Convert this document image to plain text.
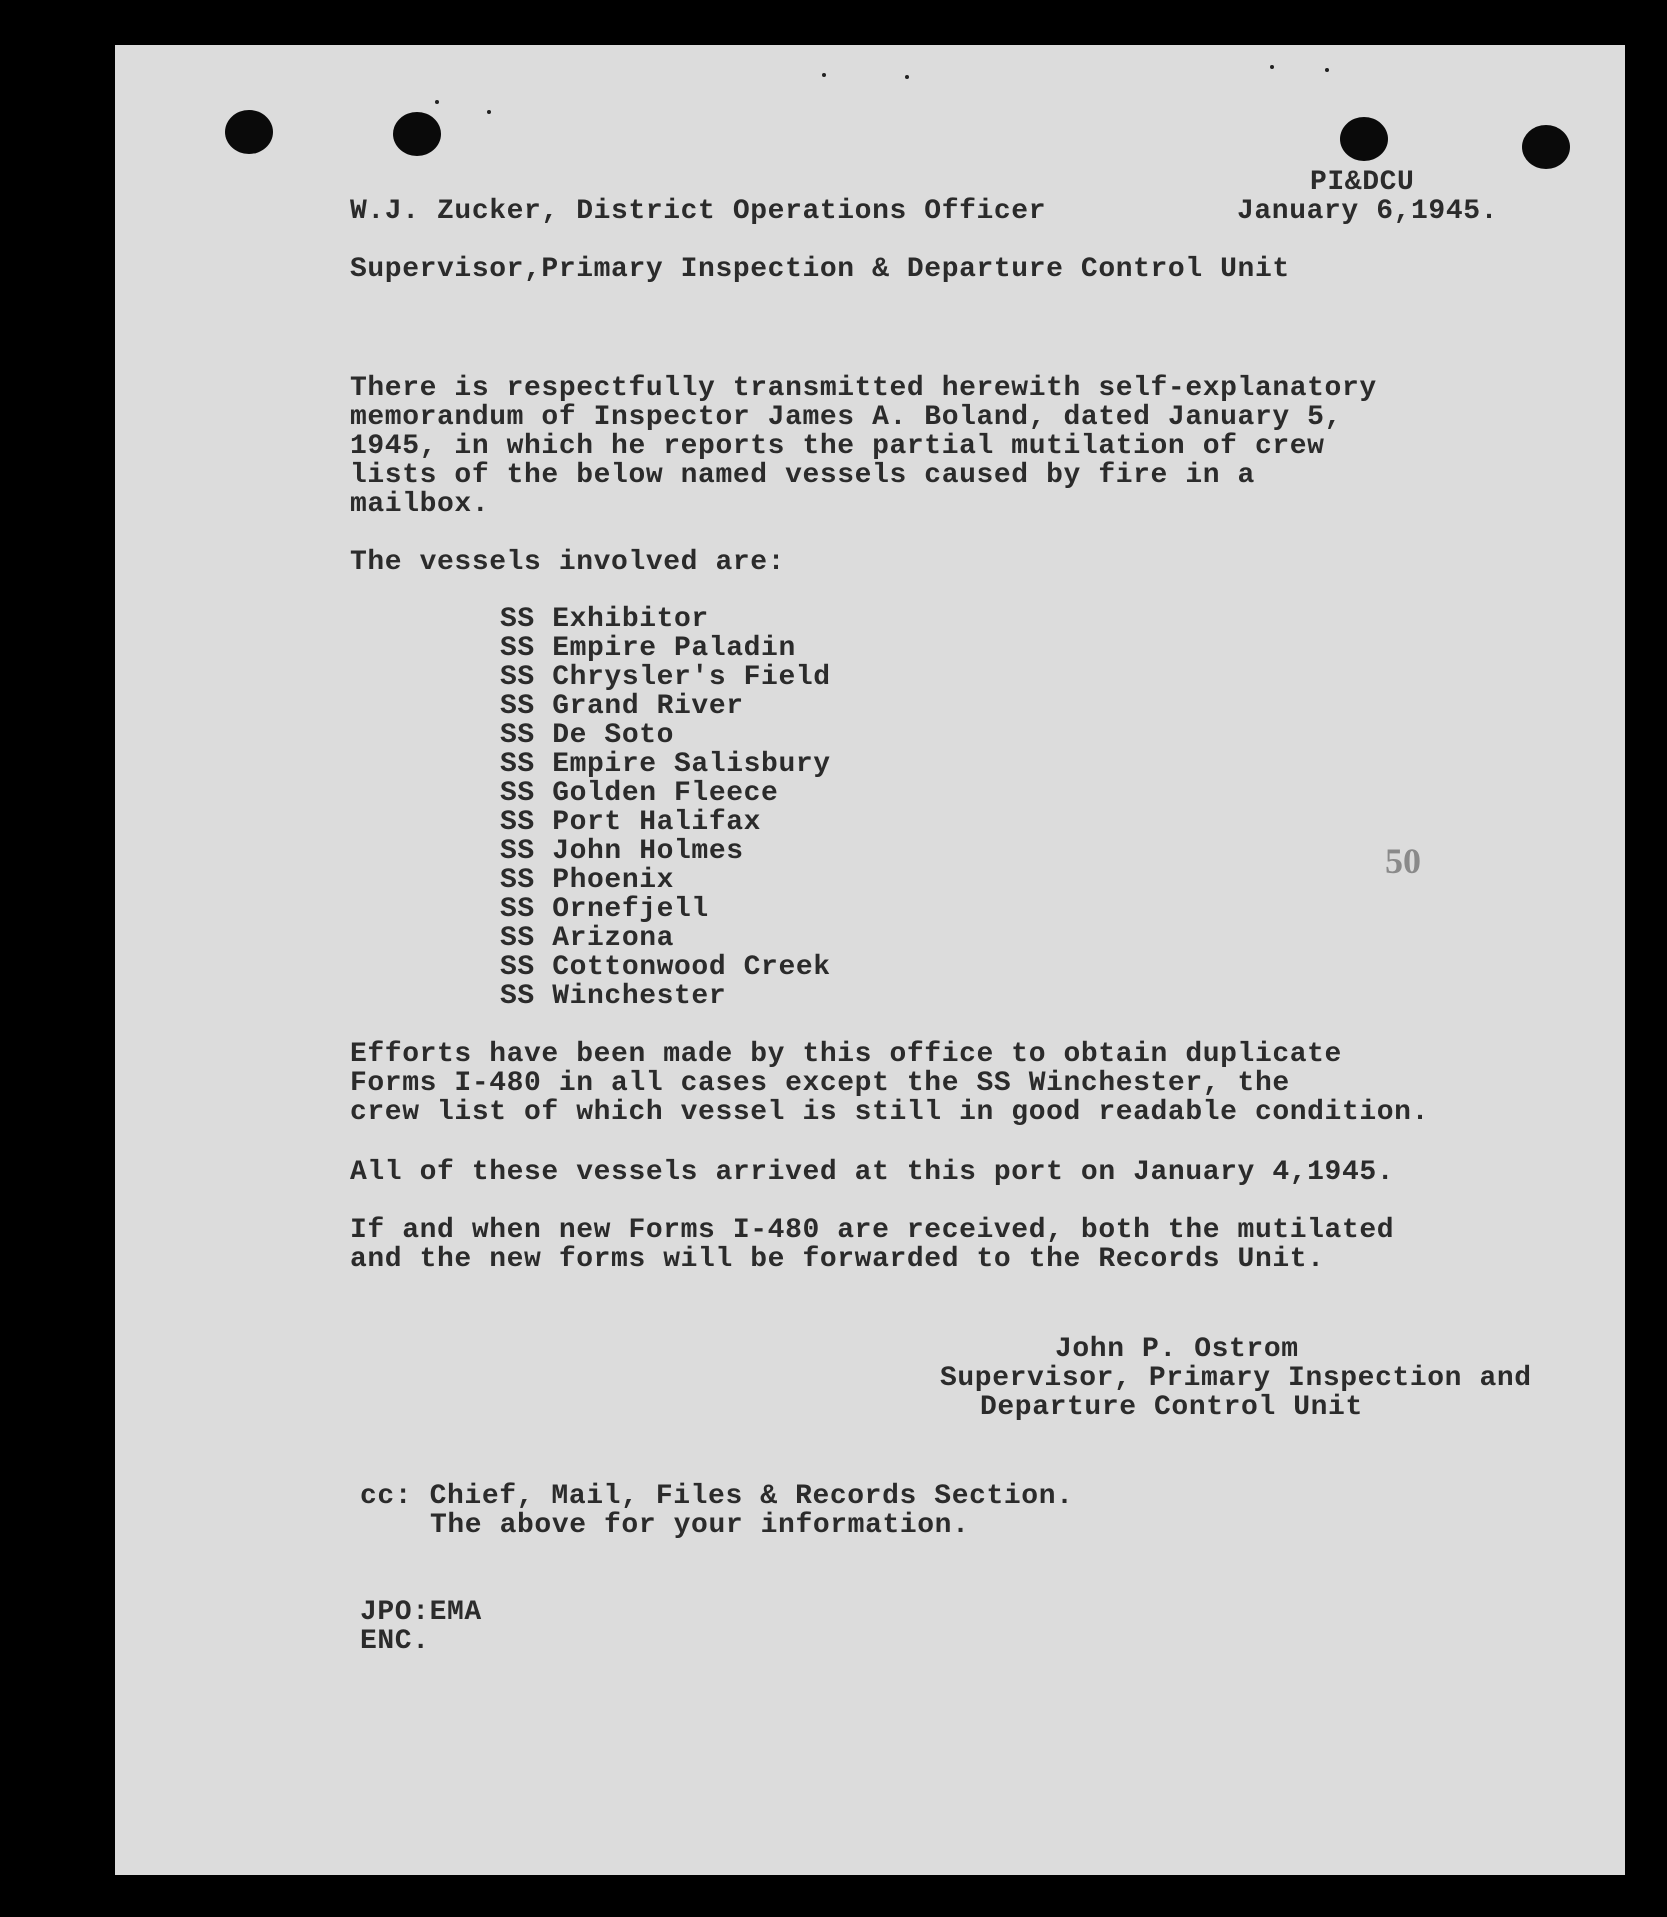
PI&DCU
W.J. Zucker, District Operations Officer	January 6,1945.
Supervisor,Primary Inspection & Departure Control Unit
There is respectfully transmitted herewith self-explanatory
memorandum of Inspector James A. Boland, dated January 5,
1945, in which he reports the partial mutilation of crew
lists of the below named vessels caused by fire in a
mailbox.
The vessels involved are:
50
Efforts have been made by this office to obtain duplicate
Forms I-480 in all cases except the SS Winchester, the
crew list of which vessel is still in good readable condition.
All of these vessels arrived at this port on January 4,1945.
If and when new Forms I-480 are received, both the mutilated
and the new forms will be forwarded to the Records Unit.
John P. Ostrom
Supervisor, Primary Inspection and
Departure Control Unit
cc: Chief, Mail, Files & Records Section.
The above for your information.
JPO:EMA
ENC.
SS Exhibitor
SS Empire Paladin
SS Chrysler's Field
SS Grand River
SS De Soto
SS Empire Salisbury
SS Golden Fleece
SS Port Halifax
SS John Holmes
SS Phoenix
SS Ornefjell
SS Arizona
SS Cottonwood Creek
SS Winchester
